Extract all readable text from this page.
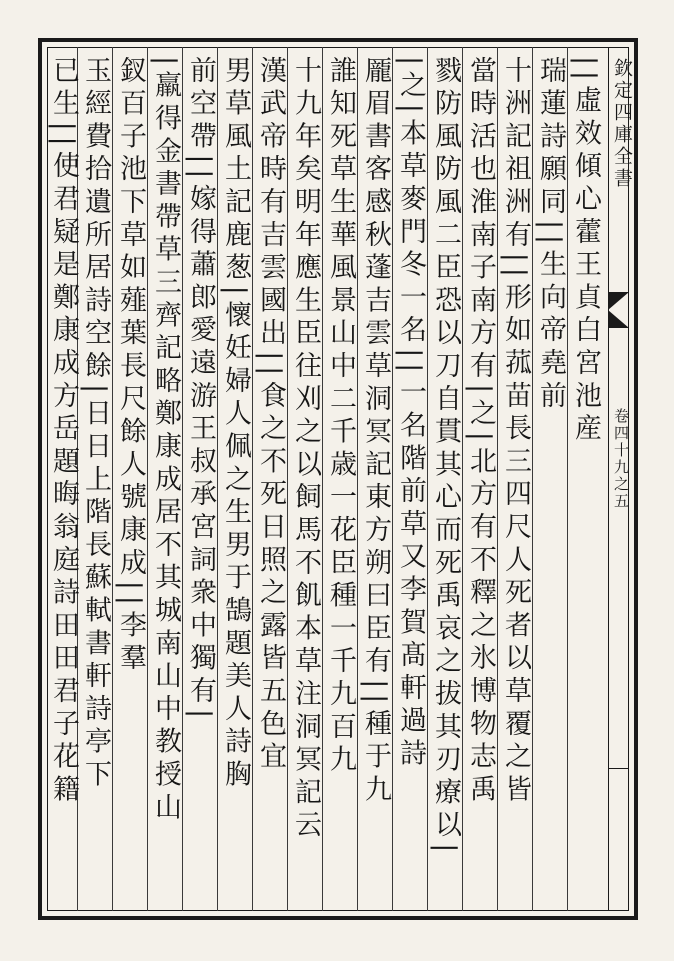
欽定四庫全書
卷四十九之五
||虛效傾心藿王貞白宮池産
瑞蓮詩願同||生向帝堯前
十洲記祖洲有||形如菰苗長三四尺人死者以草覆之皆
當時活也淮南子南方有|之|北方有不釋之氷博物志禹
戮防風防風二臣恐以刀自貫其心而死禹哀之拔其刃療以|
|之|本草麥門冬一名||一名階前草又李賀髙軒過詩
龎眉書客感秋蓬吉雲草洞冥記東方朔曰臣有||種于九
誰知死草生華風景山中二千歳一花臣種一千九百九
十九年矣明年應生臣往刈之以飼馬不飢本草注洞冥記云
漢武帝時有吉雲國出||食之不死日照之露皆五色宜
男草風土記鹿葱|懷妊婦人佩之生男于鵠題美人詩胸
前空帶||嫁得蕭郎愛遠游王叔承宮詞衆中獨有|
|羸得金書帶草三齊記略鄭康成居不其城南山中教授山
釵百子池下草如薤葉長尺餘人號康成||李羣
玉經費拾遺所居詩空餘|日日上階長蘇軾書軒詩亭下
已生||使君疑是鄭康成方岳題晦翁庭詩田田君子花籍
